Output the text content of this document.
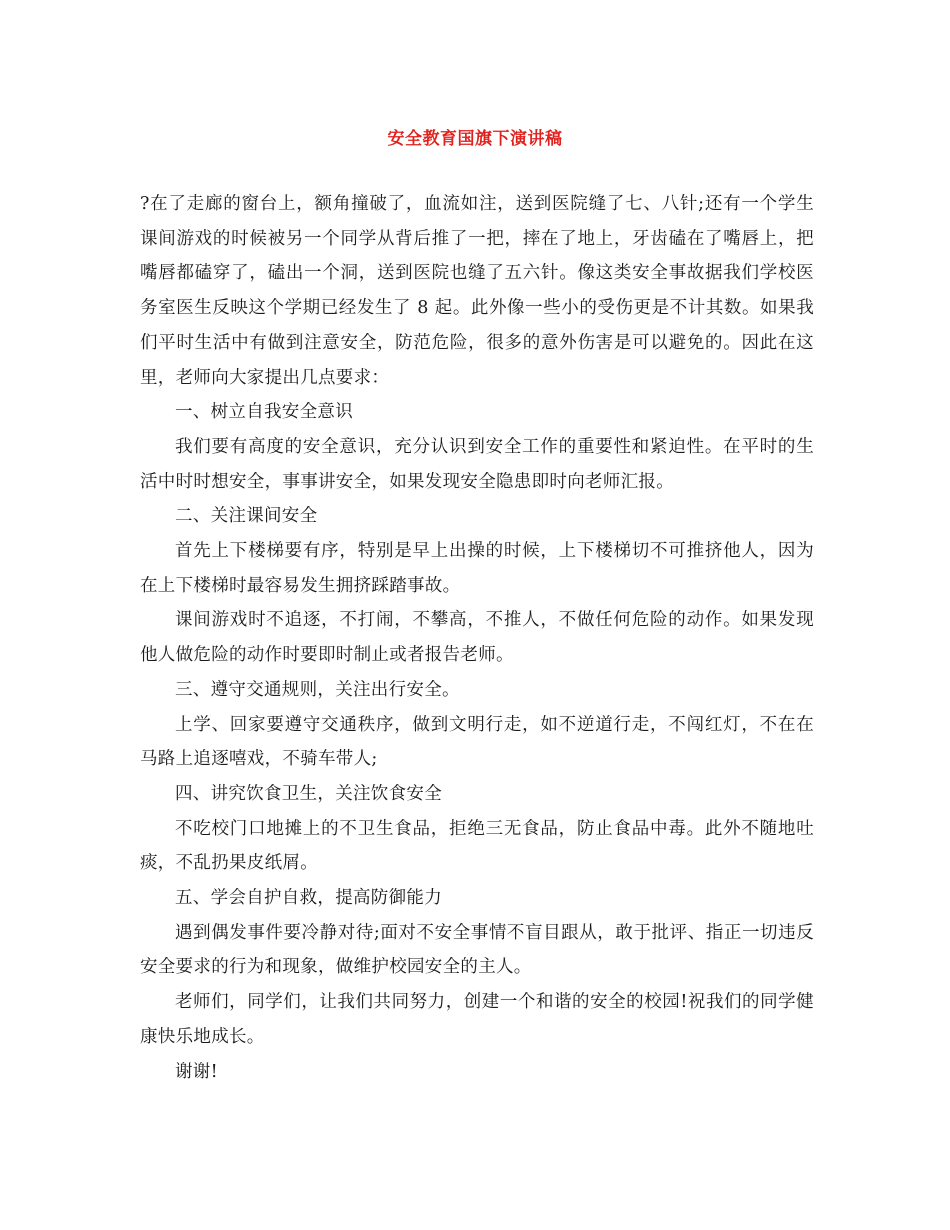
安全教育国旗下演讲稿

?在了走廊的窗台上，额角撞破了，血流如注，送到医院缝了七、八针;还有一个学生课间游戏的时候被另一个同学从背后推了一把，摔在了地上，牙齿磕在了嘴唇上，把嘴唇都磕穿了，磕出一个洞，送到医院也缝了五六针。像这类安全事故据我们学校医务室医生反映这个学期已经发生了 8 起。此外像一些小的受伤更是不计其数。如果我们平时生活中有做到注意安全，防范危险，很多的意外伤害是可以避免的。因此在这里，老师向大家提出几点要求：

一、树立自我安全意识

我们要有高度的安全意识，充分认识到安全工作的重要性和紧迫性。在平时的生活中时时想安全，事事讲安全，如果发现安全隐患即时向老师汇报。

二、关注课间安全

首先上下楼梯要有序，特别是早上出操的时候，上下楼梯切不可推挤他人，因为在上下楼梯时最容易发生拥挤踩踏事故。

课间游戏时不追逐，不打闹，不攀高，不推人，不做任何危险的动作。如果发现他人做危险的动作时要即时制止或者报告老师。

三、遵守交通规则，关注出行安全。

上学、回家要遵守交通秩序，做到文明行走，如不逆道行走，不闯红灯，不在在马路上追逐嘻戏，不骑车带人;

四、讲究饮食卫生，关注饮食安全

不吃校门口地摊上的不卫生食品，拒绝三无食品，防止食品中毒。此外不随地吐痰，不乱扔果皮纸屑。

五、学会自护自救，提高防御能力

遇到偶发事件要冷静对待;面对不安全事情不盲目跟从，敢于批评、指正一切违反安全要求的行为和现象，做维护校园安全的主人。

老师们，同学们，让我们共同努力，创建一个和谐的安全的校园!祝我们的同学健康快乐地成长。

谢谢!
